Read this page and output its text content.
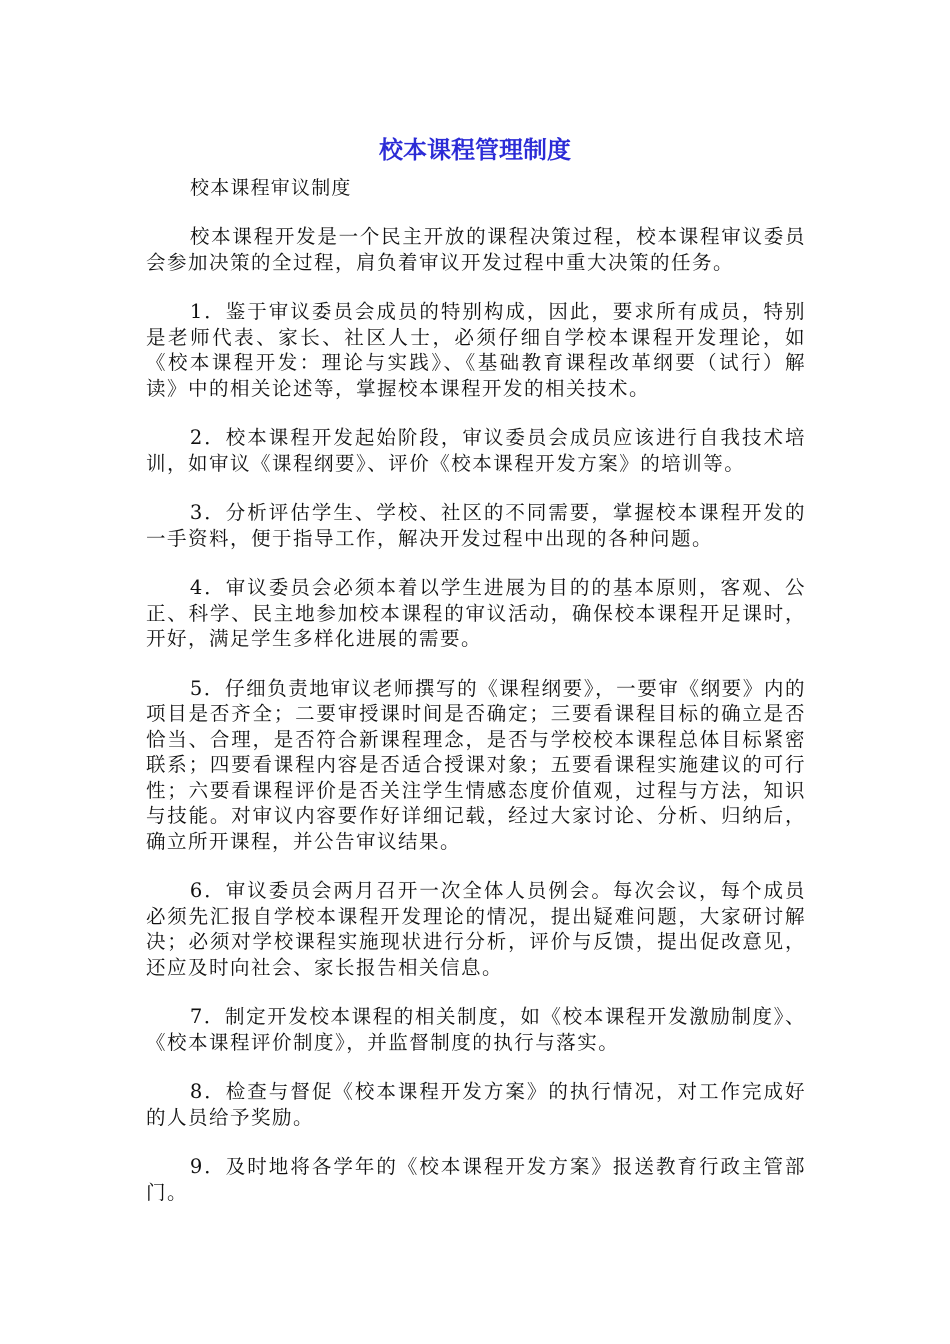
校本课程管理制度
校本课程审议制度

校本课程开发是一个民主开放的课程决策过程，校本课程审议委员会参加决策的全过程，肩负着审议开发过程中重大决策的任务。

1．鉴于审议委员会成员的特别构成，因此，要求所有成员，特别是老师代表、家长、社区人士，必须仔细自学校本课程开发理论，如《校本课程开发：理论与实践》、《基础教育课程改革纲要（试行）解读》中的相关论述等，掌握校本课程开发的相关技术。

2．校本课程开发起始阶段，审议委员会成员应该进行自我技术培训，如审议《课程纲要》、评价《校本课程开发方案》的培训等。

3．分析评估学生、学校、社区的不同需要，掌握校本课程开发的一手资料，便于指导工作，解决开发过程中出现的各种问题。

4．审议委员会必须本着以学生进展为目的的基本原则，客观、公正、科学、民主地参加校本课程的审议活动，确保校本课程开足课时，开好，满足学生多样化进展的需要。

5．仔细负责地审议老师撰写的《课程纲要》，一要审《纲要》内的项目是否齐全；二要审授课时间是否确定；三要看课程目标的确立是否恰当、合理，是否符合新课程理念，是否与学校校本课程总体目标紧密联系；四要看课程内容是否适合授课对象；五要看课程实施建议的可行性；六要看课程评价是否关注学生情感态度价值观，过程与方法，知识与技能。对审议内容要作好详细记载，经过大家讨论、分析、归纳后，确立所开课程，并公告审议结果。

6．审议委员会两月召开一次全体人员例会。每次会议，每个成员必须先汇报自学校本课程开发理论的情况，提出疑难问题，大家研讨解决；必须对学校课程实施现状进行分析，评价与反馈，提出促改意见，还应及时向社会、家长报告相关信息。

7．制定开发校本课程的相关制度，如《校本课程开发激励制度》、《校本课程评价制度》，并监督制度的执行与落实。

8．检查与督促《校本课程开发方案》的执行情况，对工作完成好的人员给予奖励。

9．及时地将各学年的《校本课程开发方案》报送教育行政主管部门。
